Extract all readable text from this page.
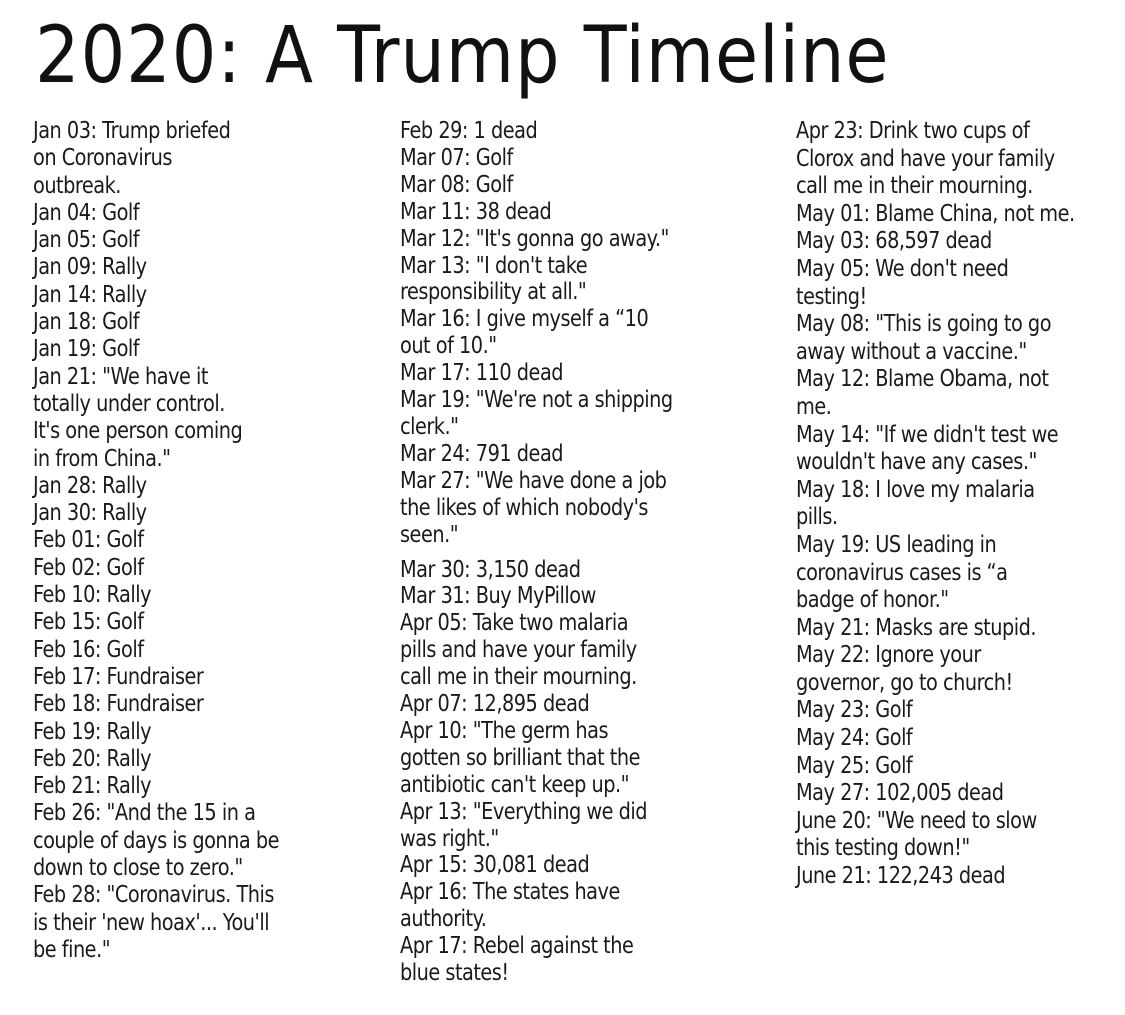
2020: A Trump Timeline
Jan 03: Trump briefed
on Coronavirus
outbreak.
Jan 04: Golf
Jan 05: Golf
Jan 09: Rally
Jan 14: Rally
Jan 18: Golf
Jan 19: Golf
Jan 21: "We have it
totally under control.
It's one person coming
in from China."
Jan 28: Rally
Jan 30: Rally
Feb 01: Golf
Feb 02: Golf
Feb 10: Rally
Feb 15: Golf
Feb 16: Golf
Feb 17: Fundraiser
Feb 18: Fundraiser
Feb 19: Rally
Feb 20: Rally
Feb 21: Rally
Feb 26: "And the 15 in a
couple of days is gonna be
down to close to zero."
Feb 28: "Coronavirus. This
is their 'new hoax'... You'll
be fine."
Feb 29: 1 dead
Mar 07: Golf
Mar 08: Golf
Mar 11: 38 dead
Mar 12: "It's gonna go away."
Mar 13: "I don't take
responsibility at all."
Mar 16: I give myself a “10
out of 10."
Mar 17: 110 dead
Mar 19: "We're not a shipping
clerk."
Mar 24: 791 dead
Mar 27: "We have done a job
the likes of which nobody's
seen."
Mar 30: 3,150 dead
Mar 31: Buy MyPillow
Apr 05: Take two malaria
pills and have your family
call me in their mourning.
Apr 07: 12,895 dead
Apr 10: "The germ has
gotten so brilliant that the
antibiotic can't keep up."
Apr 13: "Everything we did
was right."
Apr 15: 30,081 dead
Apr 16: The states have
authority.
Apr 17: Rebel against the
blue states!
Apr 23: Drink two cups of
Clorox and have your family
call me in their mourning.
May 01: Blame China, not me.
May 03: 68,597 dead
May 05: We don't need
testing!
May 08: "This is going to go
away without a vaccine."
May 12: Blame Obama, not
me.
May 14: "If we didn't test we
wouldn't have any cases."
May 18: I love my malaria
pills.
May 19: US leading in
coronavirus cases is “a
badge of honor."
May 21: Masks are stupid.
May 22: Ignore your
governor, go to church!
May 23: Golf
May 24: Golf
May 25: Golf
May 27: 102,005 dead
June 20: "We need to slow
this testing down!"
June 21: 122,243 dead
